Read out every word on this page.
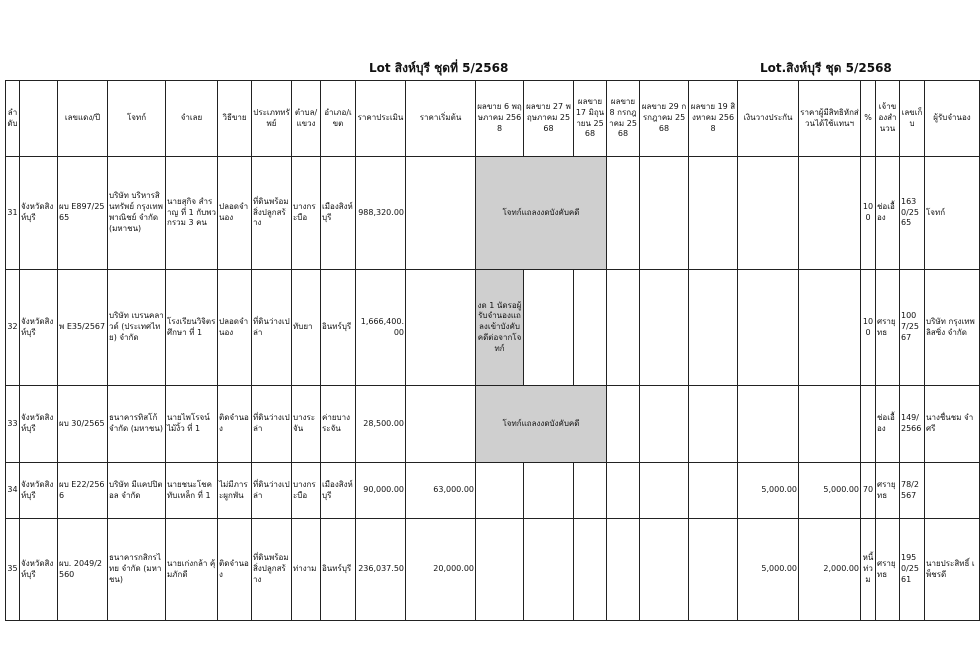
Lot สิงห์บุรี ชุดที่ 5/2568	Lot.สิงห์บุรี ชุด 5/2568
ลำดับ		เลขแดง/ปี	โจทก์	จำเลย	วิธีขาย	ประเภททรัพย์	ตำบล/แขวง	อำเภอ/เขต	ราคาประเมิน	ราคาเริ่มต้น	ผลขาย 6 พฤษภาคม 2568	ผลขาย 27 พฤษภาคม 2568	ผลขาย 17 มิถุนายน 2568	ผลขาย 8 กรกฎาคม 2568	ผลขาย 29 กรกฎาคม 2568	ผลขาย 19 สิงหาคม 2568	เงินวางประกัน	ราคาผู้มีสิทธิหักส่วนได้ใช้แทนฯ	%	เจ้าของสำนวน	เลขเก็บ	ผู้รับจำนอง
31	จังหวัดสิงห์บุรี	ผบ E897/2565	บริษัท บริหารสินทรัพย์ กรุงเทพพาณิชย์ จำกัด (มหาชน)	นายสุกิจ สำราญ ที่ 1 กับพวกรวม 3 คน	ปลอดจำนอง	ที่ดินพร้อมสิ่งปลูกสร้าง	บางกระบือ	เมืองสิงห์บุรี	988,320.00		โจทก์แถลงงดบังคับคดี								100	ช่อเอื้อง	1630/2565	โจทก์
32	จังหวัดสิงห์บุรี	พ E35/2567	บริษัท เบรนคลาวด์ (ประเทศไทย) จำกัด	โรงเรียนวิจิตรศึกษา ที่ 1	ปลอดจำนอง	ที่ดินว่างเปล่า	ทับยา	อินทร์บุรี	1,666,400.00		งด 1 นัดรอผู้รับจำนองแถลงเข้าบังคับคดีต่อจากโจทก์								100	ศรายุทธ	1007/2567	บริษัท กรุงเทพลิสซิ่ง จำกัด
33	จังหวัดสิงห์บุรี	ผบ 30/2565	ธนาคารทิสโก้ จำกัด (มหาชน)	นายไพโรจน์ ไม้งิ้ว ที่ 1	ติดจำนอง	ที่ดินว่างเปล่า	บางระจัน	ค่ายบางระจัน	28,500.00		โจทก์แถลงงดบังคับคดี									ช่อเอื้อง	149/2566	นางชื่นชม จำศรี
34	จังหวัดสิงห์บุรี	ผบ E22/2566	บริษัท มีแคปปิตอล จำกัด	นายชนะโชค ทับเหล็ก ที่ 1	ไม่มีภาระผูกพัน	ที่ดินว่างเปล่า	บางกระบือ	เมืองสิงห์บุรี	90,000.00	63,000.00							5,000.00	5,000.00	70	ศรายุทธ	78/2567	
35	จังหวัดสิงห์บุรี	ผบ. 2049/2560	ธนาคารกสิกรไทย จำกัด (มหาชน)	นายเก่งกล้า คุ้มภักดี	ติดจำนอง	ที่ดินพร้อมสิ่งปลูกสร้าง	ท่างาม	อินทร์บุรี	236,037.50	20,000.00							5,000.00	2,000.00	หนี้ท่วม	ศรายุทธ	1950/2561	นายประสิทธิ์ เพ็ชรดี
